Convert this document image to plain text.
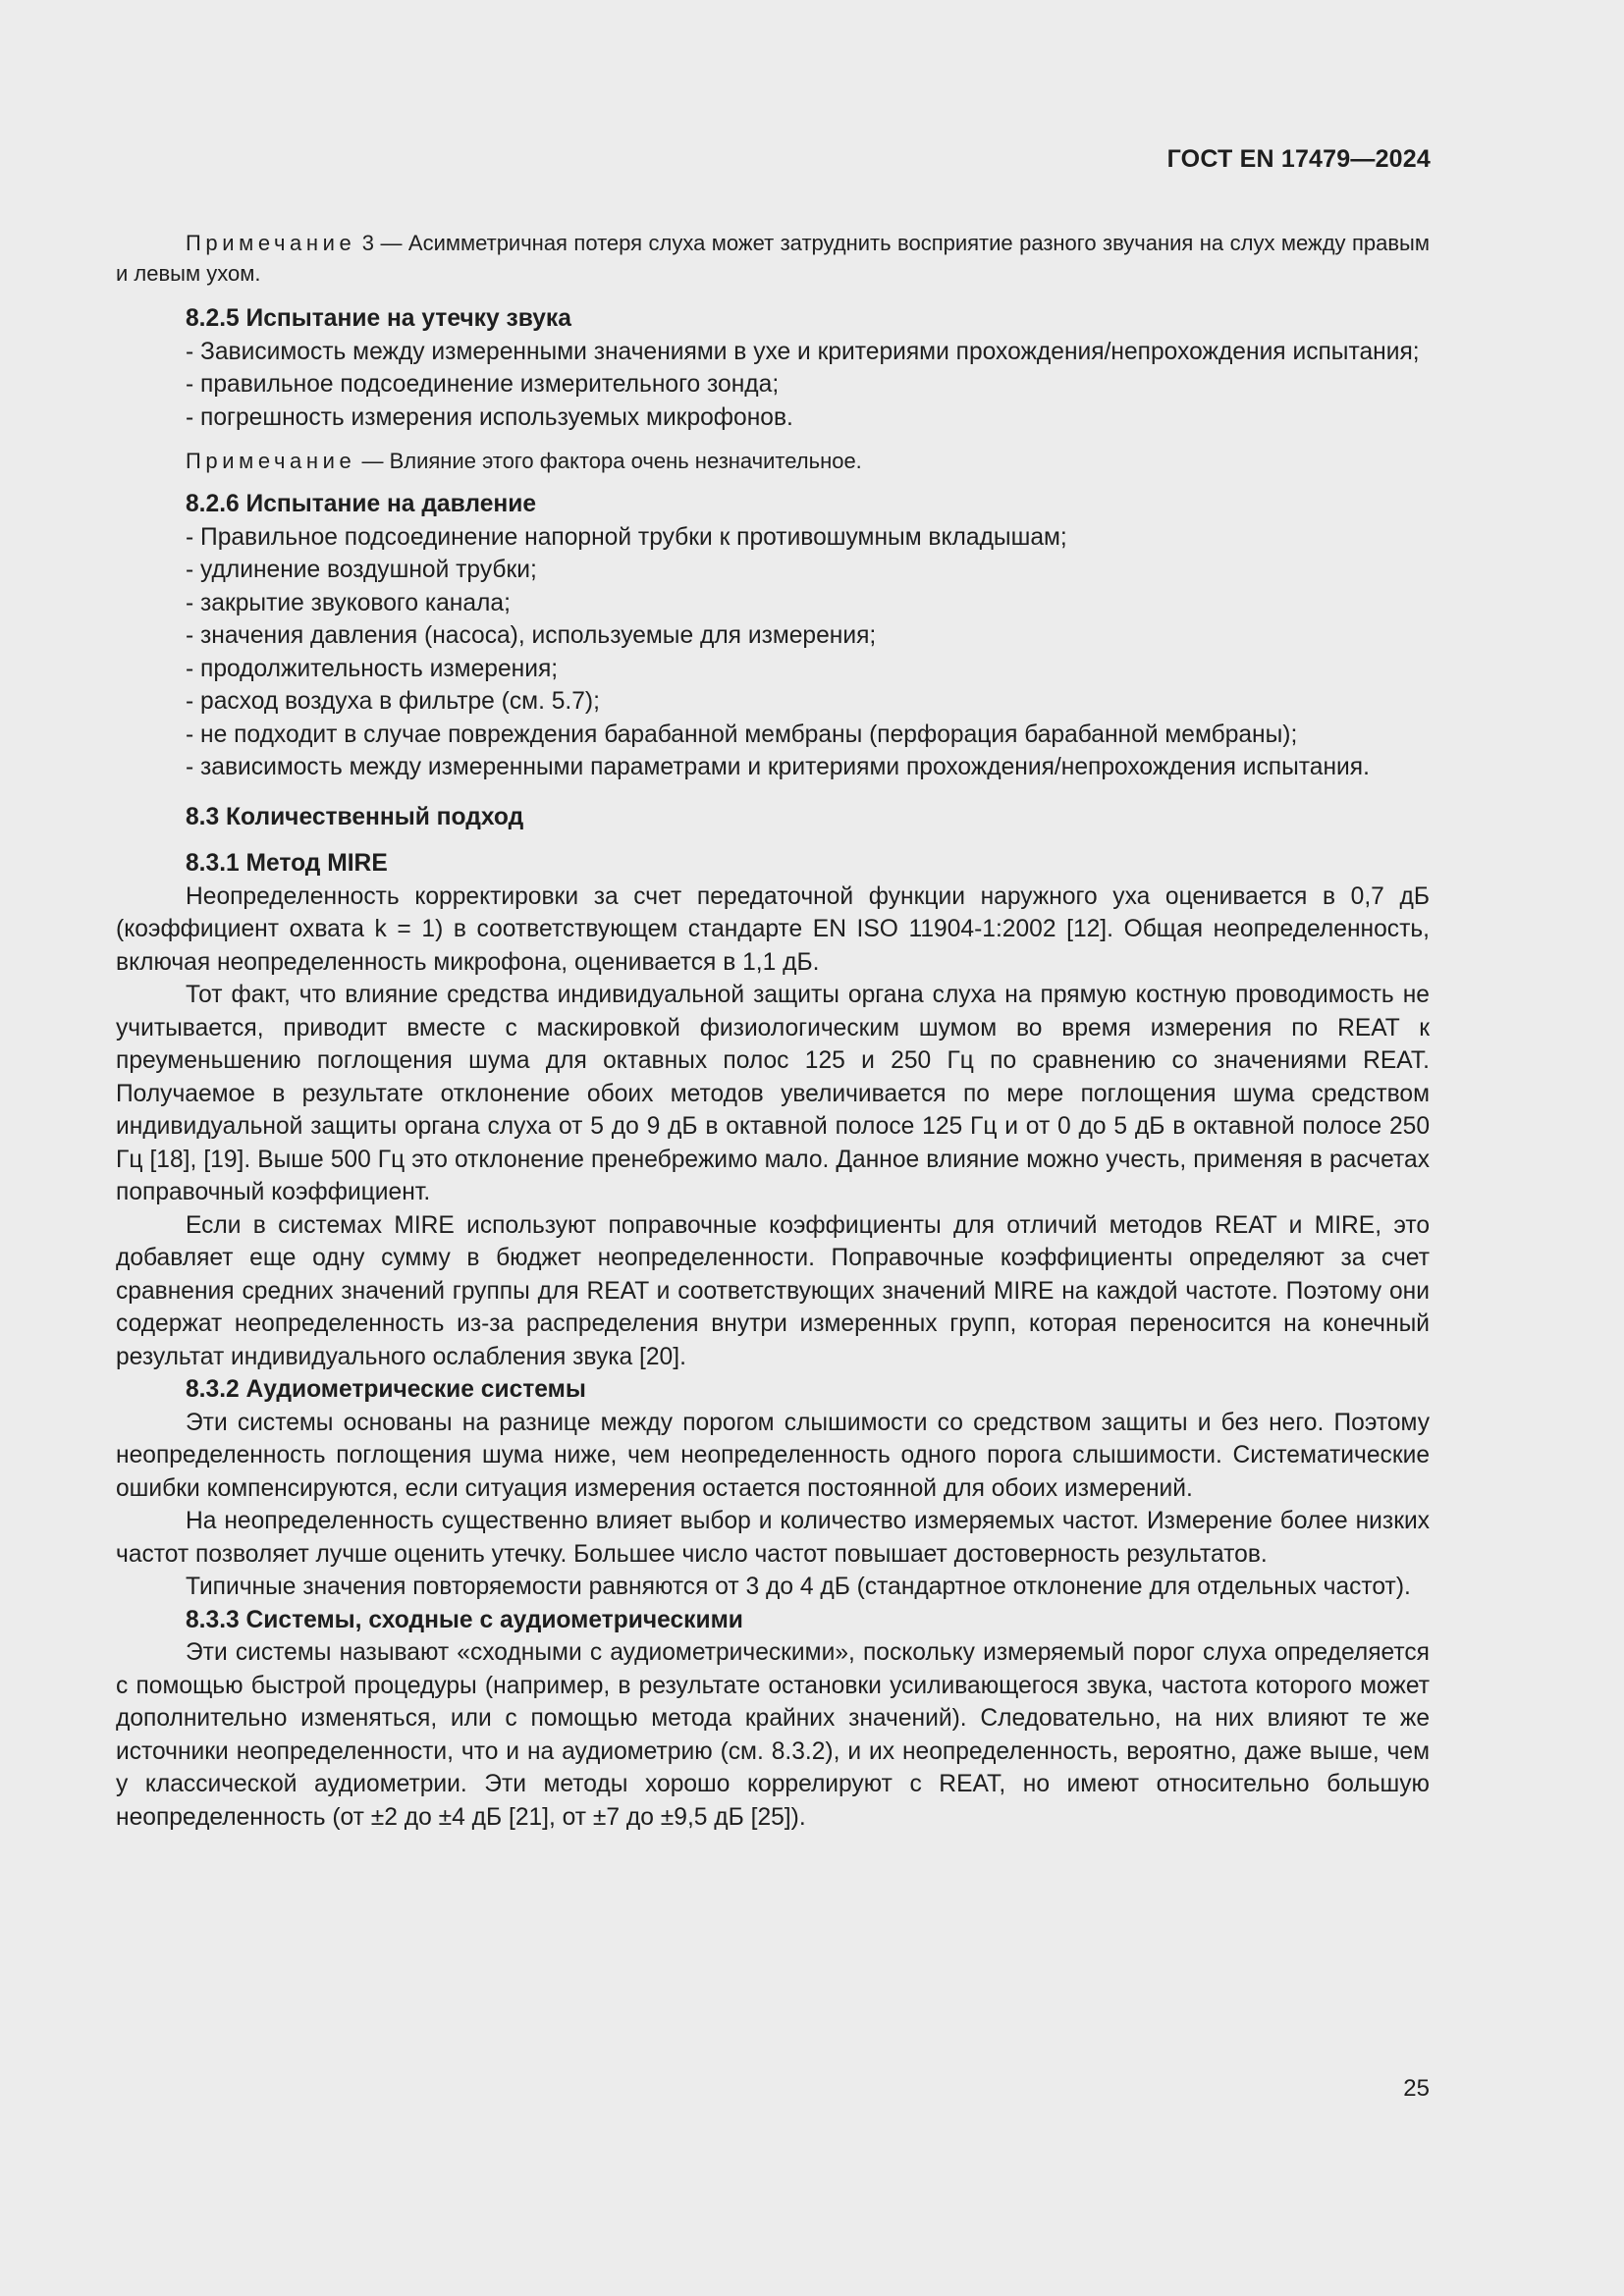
ГОСТ EN 17479—2024

Примечание 3 — Асимметричная потеря слуха может затруднить восприятие разного звучания на слух между правым и левым ухом.

8.2.5 Испытание на утечку звука

- Зависимость между измеренными значениями в ухе и критериями прохождения/непрохождения испытания;

- правильное подсоединение измерительного зонда;

- погрешность измерения используемых микрофонов.

Примечание — Влияние этого фактора очень незначительное.

8.2.6 Испытание на давление

- Правильное подсоединение напорной трубки к противошумным вкладышам;

- удлинение воздушной трубки;

- закрытие звукового канала;

- значения давления (насоса), используемые для измерения;

- продолжительность измерения;

- расход воздуха в фильтре (см. 5.7);

- не подходит в случае повреждения барабанной мембраны (перфорация барабанной мембраны);

- зависимость между измеренными параметрами и критериями прохождения/непрохождения испытания.

8.3 Количественный подход

8.3.1 Метод MIRE

Неопределенность корректировки за счет передаточной функции наружного уха оценивается в 0,7 дБ (коэффициент охвата k = 1) в соответствующем стандарте EN ISO 11904-1:2002 [12]. Общая неопределенность, включая неопределенность микрофона, оценивается в 1,1 дБ.

Тот факт, что влияние средства индивидуальной защиты органа слуха на прямую костную проводимость не учитывается, приводит вместе с маскировкой физиологическим шумом во время измерения по REAT к преуменьшению поглощения шума для октавных полос 125 и 250 Гц по сравнению со значениями REAT. Получаемое в результате отклонение обоих методов увеличивается по мере поглощения шума средством индивидуальной защиты органа слуха от 5 до 9 дБ в октавной полосе 125 Гц и от 0 до 5 дБ в октавной полосе 250 Гц [18], [19]. Выше 500 Гц это отклонение пренебрежимо мало. Данное влияние можно учесть, применяя в расчетах поправочный коэффициент.

Если в системах MIRE используют поправочные коэффициенты для отличий методов REAT и MIRE, это добавляет еще одну сумму в бюджет неопределенности. Поправочные коэффициенты определяют за счет сравнения средних значений группы для REAT и соответствующих значений MIRE на каждой частоте. Поэтому они содержат неопределенность из-за распределения внутри измеренных групп, которая переносится на конечный результат индивидуального ослабления звука [20].

8.3.2 Аудиометрические системы

Эти системы основаны на разнице между порогом слышимости со средством защиты и без него. Поэтому неопределенность поглощения шума ниже, чем неопределенность одного порога слышимости. Систематические ошибки компенсируются, если ситуация измерения остается постоянной для обоих измерений.

На неопределенность существенно влияет выбор и количество измеряемых частот. Измерение более низких частот позволяет лучше оценить утечку. Большее число частот повышает достоверность результатов.

Типичные значения повторяемости равняются от 3 до 4 дБ (стандартное отклонение для отдельных частот).

8.3.3 Системы, сходные с аудиометрическими

Эти системы называют «сходными с аудиометрическими», поскольку измеряемый порог слуха определяется с помощью быстрой процедуры (например, в результате остановки усиливающегося звука, частота которого может дополнительно изменяться, или с помощью метода крайних значений). Следовательно, на них влияют те же источники неопределенности, что и на аудиометрию (см. 8.3.2), и их неопределенность, вероятно, даже выше, чем у классической аудиометрии. Эти методы хорошо коррелируют с REAT, но имеют относительно большую неопределенность (от ±2 до ±4 дБ [21], от ±7 до ±9,5 дБ [25]).

25
